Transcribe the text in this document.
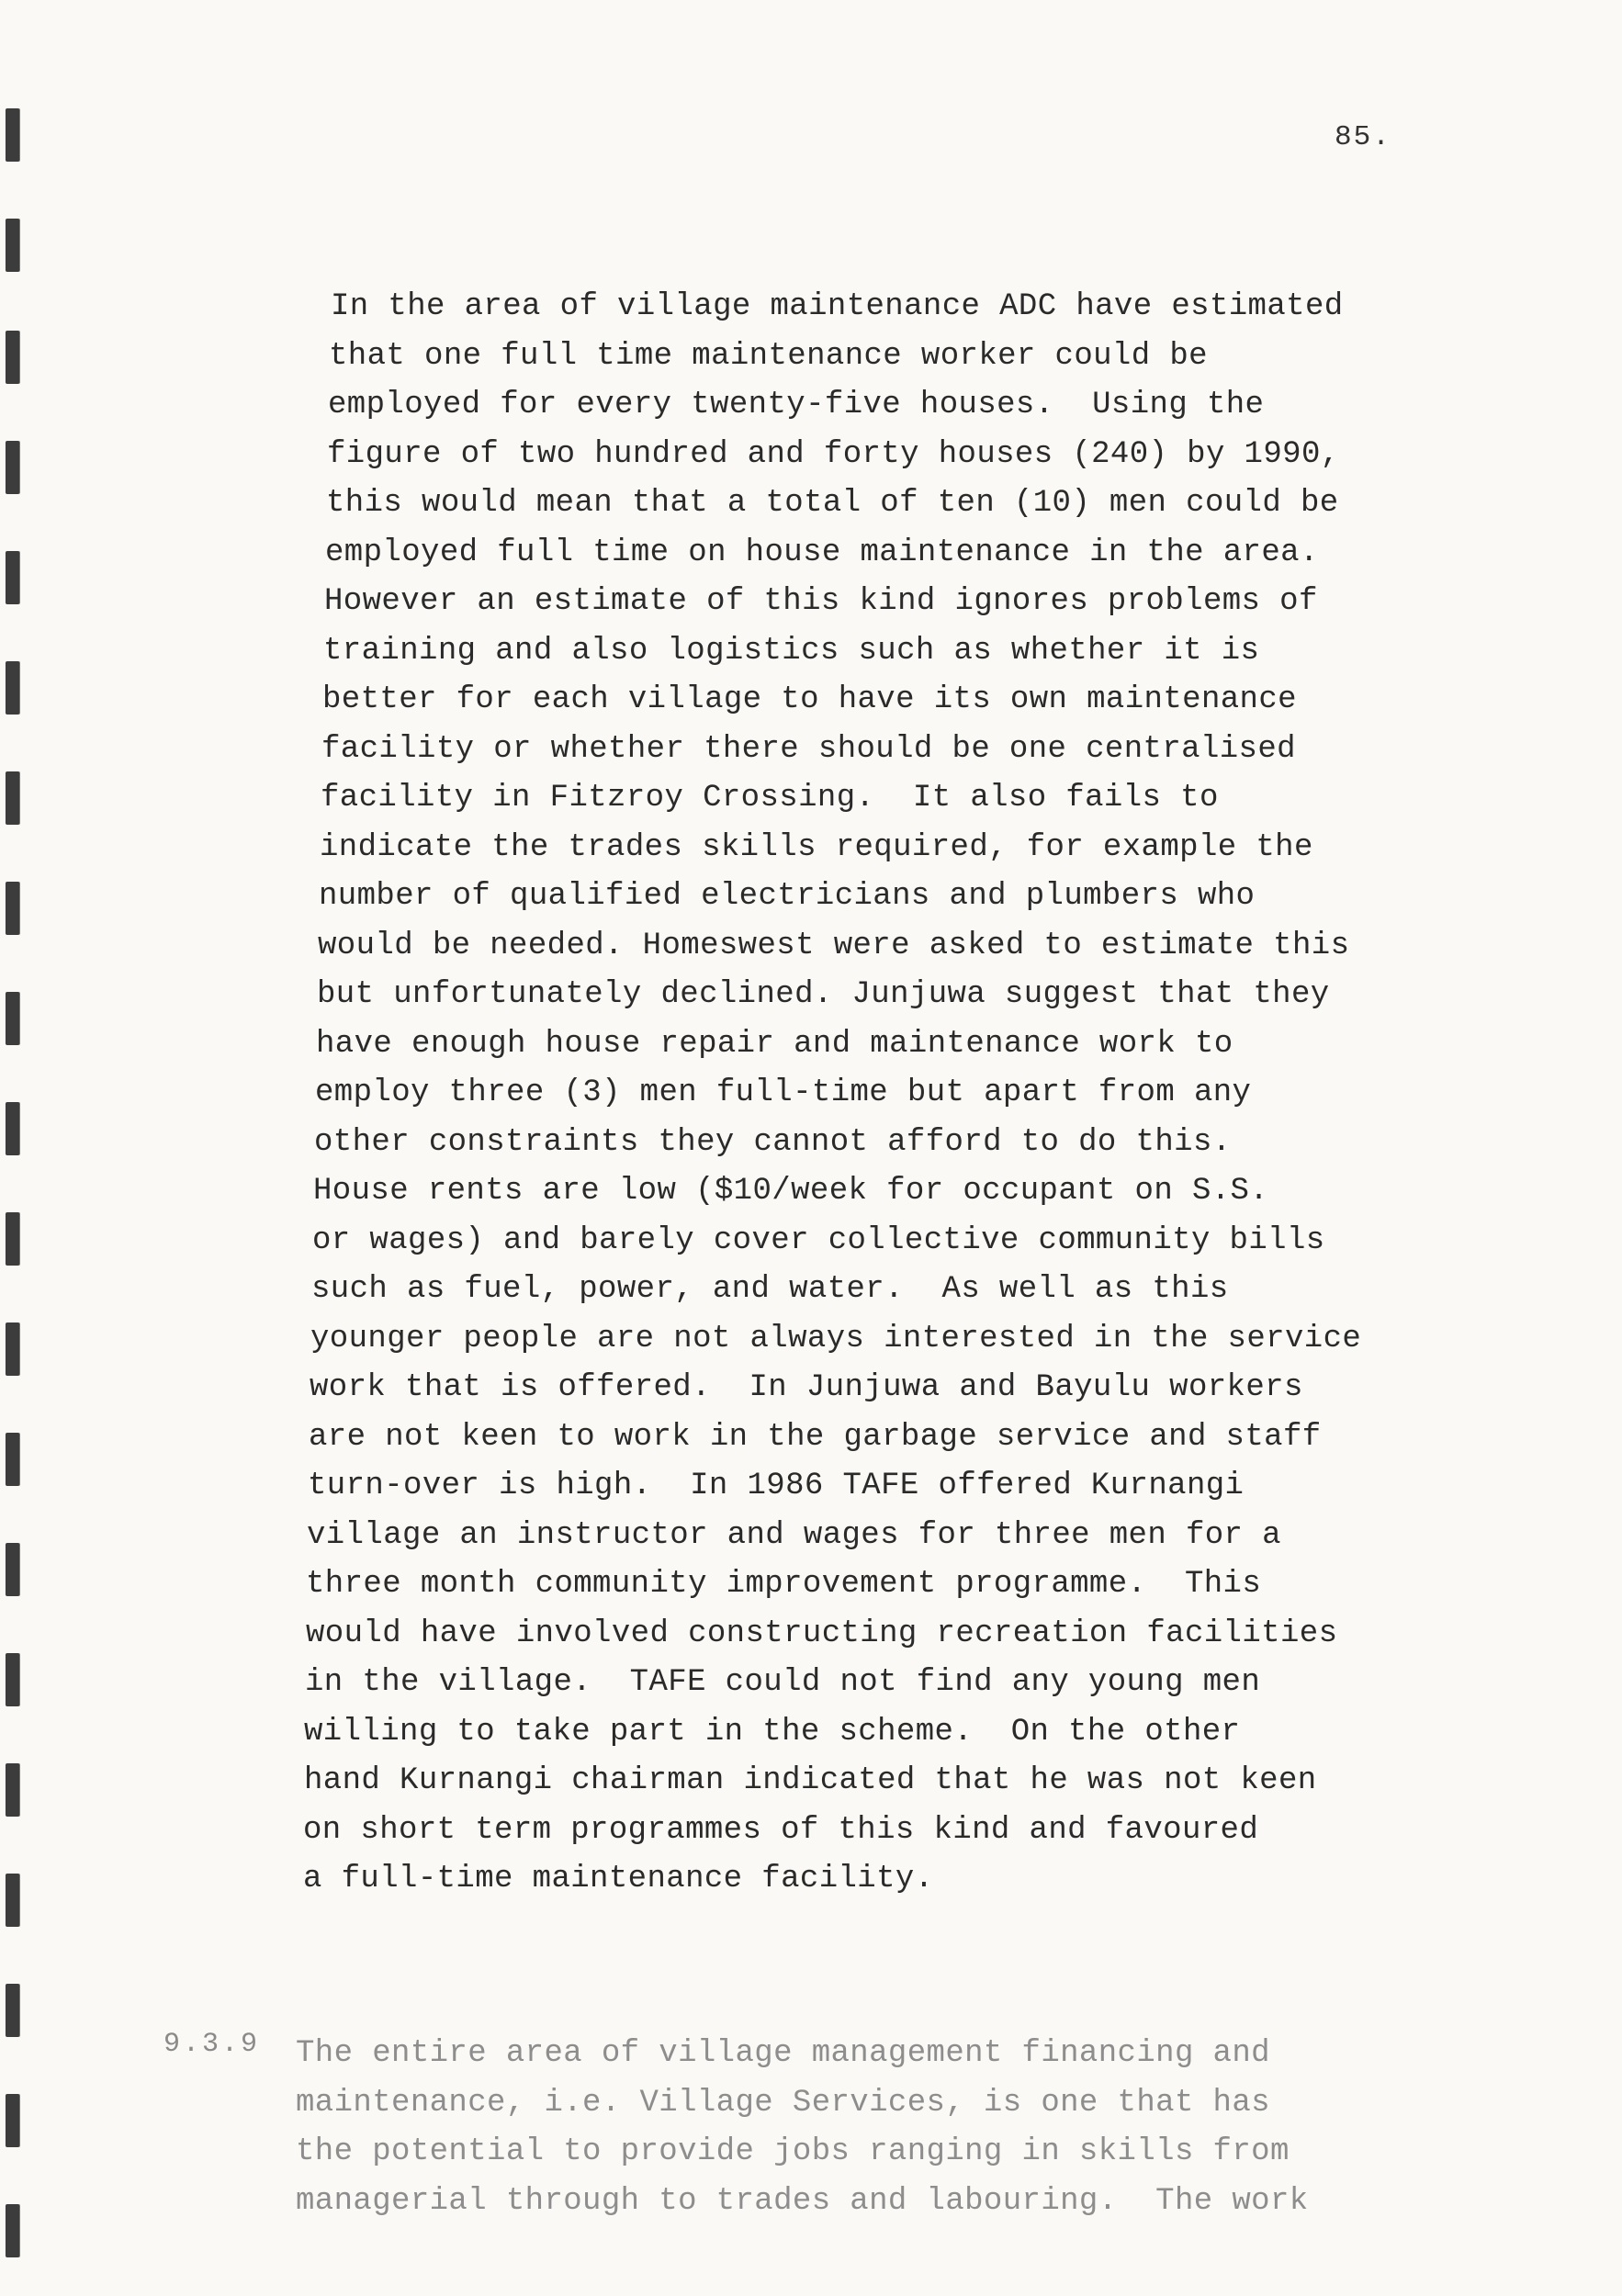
85.
In the area of village maintenance ADC have estimated
that one full time maintenance worker could be
employed for every twenty-five houses.  Using the
figure of two hundred and forty houses (240) by 1990,
this would mean that a total of ten (10) men could be
employed full time on house maintenance in the area.
However an estimate of this kind ignores problems of
training and also logistics such as whether it is
better for each village to have its own maintenance
facility or whether there should be one centralised
facility in Fitzroy Crossing.  It also fails to
indicate the trades skills required, for example the
number of qualified electricians and plumbers who
would be needed. Homeswest were asked to estimate this
but unfortunately declined. Junjuwa suggest that they
have enough house repair and maintenance work to
employ three (3) men full-time but apart from any
other constraints they cannot afford to do this.
House rents are low ($10/week for occupant on S.S.
or wages) and barely cover collective community bills
such as fuel, power, and water.  As well as this
younger people are not always interested in the service
work that is offered.  In Junjuwa and Bayulu workers
are not keen to work in the garbage service and staff
turn-over is high.  In 1986 TAFE offered Kurnangi
village an instructor and wages for three men for a
three month community improvement programme.  This
would have involved constructing recreation facilities
in the village.  TAFE could not find any young men
willing to take part in the scheme.  On the other
hand Kurnangi chairman indicated that he was not keen
on short term programmes of this kind and favoured
a full-time maintenance facility.
9.3.9 The entire area of village management financing and
maintenance, i.e. Village Services, is one that has
the potential to provide jobs ranging in skills from
managerial through to trades and labouring.  The work
